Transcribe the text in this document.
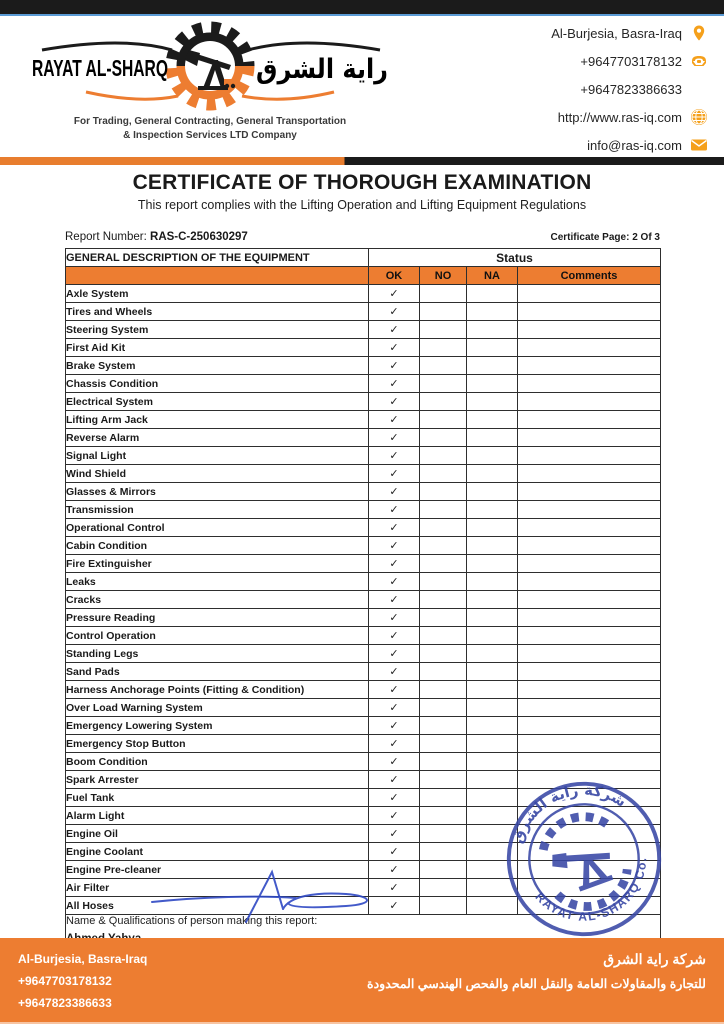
RAYAT AL-SHARQ	راية الشرق
For Trading, General Contracting, General Transportation
& Inspection Services LTD Company
Al-Burjesia, Basra-Iraq
+9647703178132
+9647823386633
http://www.ras-iq.com
info@ras-iq.com
CERTIFICATE OF THOROUGH EXAMINATION
This report complies with the Lifting Operation and Lifting Equipment Regulations
Report Number: RAS-C-250630297	Certificate Page: 2 Of 3
GENERAL DESCRIPTION OF THE EQUIPMENT	Status			
	OK	NO	NA	Comments
Axle System	✓			
Tires and Wheels	✓			
Steering System	✓			
First Aid Kit	✓			
Brake System	✓			
Chassis Condition	✓			
Electrical System	✓			
Lifting Arm Jack	✓			
Reverse Alarm	✓			
Signal Light	✓			
Wind Shield	✓			
Glasses & Mirrors	✓			
Transmission	✓			
Operational Control	✓			
Cabin Condition	✓			
Fire Extinguisher	✓			
Leaks	✓			
Cracks	✓			
Pressure Reading	✓			
Control Operation	✓			
Standing Legs	✓			
Sand Pads	✓			
Harness Anchorage Points (Fitting & Condition)	✓			
Over Load Warning System	✓			
Emergency Lowering System	✓			
Emergency Stop Button	✓			
Boom Condition	✓			
Spark Arrester	✓			
Fuel Tank	✓			
Alarm Light	✓			
Engine Oil	✓			
Engine Coolant	✓			
Engine Pre-cleaner	✓			
Air Filter	✓			
All Hoses	✓			

Name & Qualifications of person making this report:				
شركة راية الشرق
RAYAT AL-SHARQ Co.
Al-Burjesia, Basra-Iraq
+9647703178132
+9647823386633
شركة راية الشرق
للتجارة والمقاولات العامة والنقل العام والفحص الهندسي المحدودة
